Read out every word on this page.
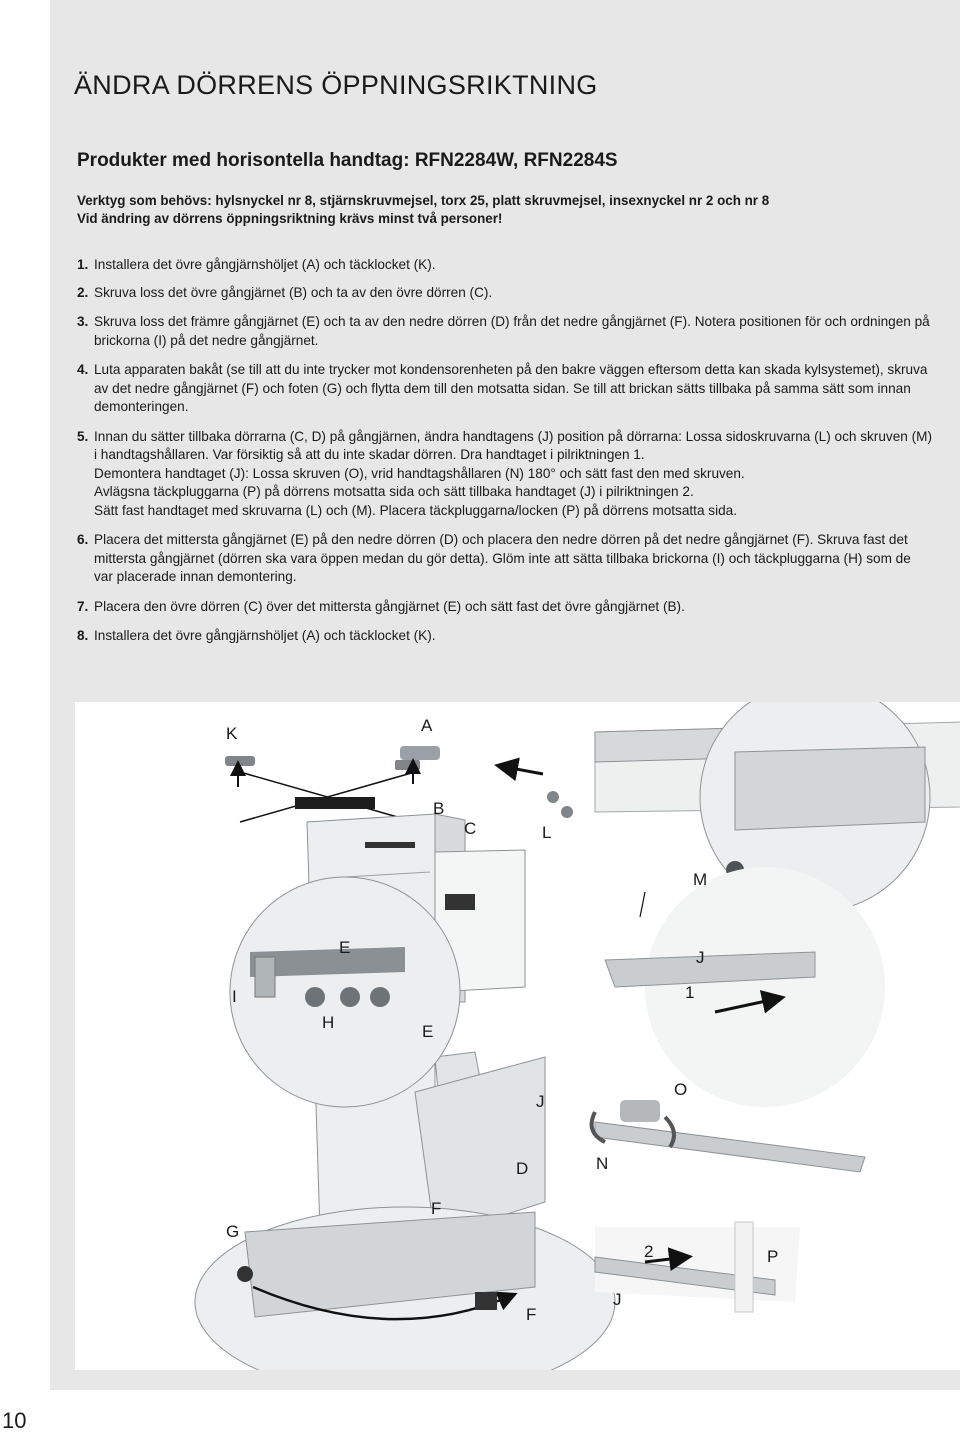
ÄNDRA DÖRRENS ÖPPNINGSRIKTNING
Produkter med horisontella handtag: RFN2284W, RFN2284S

Verktyg som behövs: hylsnyckel nr 8, stjärnskruvmejsel, torx 25, platt skruvmejsel, insexnyckel nr 2 och nr 8

Vid ändring av dörrens öppningsriktning krävs minst två personer!

1. Installera det övre gångjärnshöljet (A) och täcklocket (K).

2. Skruva loss det övre gångjärnet (B) och ta av den övre dörren (C).

3. Skruva loss det främre gångjärnet (E) och ta av den nedre dörren (D) från det nedre gångjärnet (F). Notera positionen för och ordningen på brickorna (I) på det nedre gångjärnet.

4. Luta apparaten bakåt (se till att du inte trycker mot kondensorenheten på den bakre väggen eftersom detta kan skada kylsystemet), skruva av det nedre gångjärnet (F) och foten (G) och flytta dem till den motsatta sidan. Se till att brickan sätts tillbaka på samma sätt som innan demonteringen.

5. Innan du sätter tillbaka dörrarna (C, D) på gångjärnen, ändra handtagens (J) position på dörrarna: Lossa sidoskruvarna (L) och skruven (M) i handtagshållaren. Var försiktig så att du inte skadar dörren. Dra handtaget i pilriktningen 1.

Demontera handtaget (J): Lossa skruven (O), vrid handtagshållaren (N) 180° och sätt fast den med skruven.

Avlägsna täckpluggarna (P) på dörrens motsatta sida och sätt tillbaka handtaget (J) i pilriktningen 2.

Sätt fast handtaget med skruvarna (L) och (M). Placera täckpluggarna/locken (P) på dörrens motsatta sida.

6. Placera det mittersta gångjärnet (E) på den nedre dörren (D) och placera den nedre dörren på det nedre gångjärnet (F). Skruva fast det mittersta gångjärnet (dörren ska vara öppen medan du gör detta). Glöm inte att sätta tillbaka brickorna (I) och täckpluggarna (H) som de var placerade innan demontering.

7. Placera den övre dörren (C) över det mittersta gångjärnet (E) och sätt fast det övre gångjärnet (B).

8. Installera det övre gångjärnshöljet (A) och täcklocket (K).

K	A
B
C	L
M
E
J
I	1
H	E
J
O
D	N
F
G
2	P
J
F
10
